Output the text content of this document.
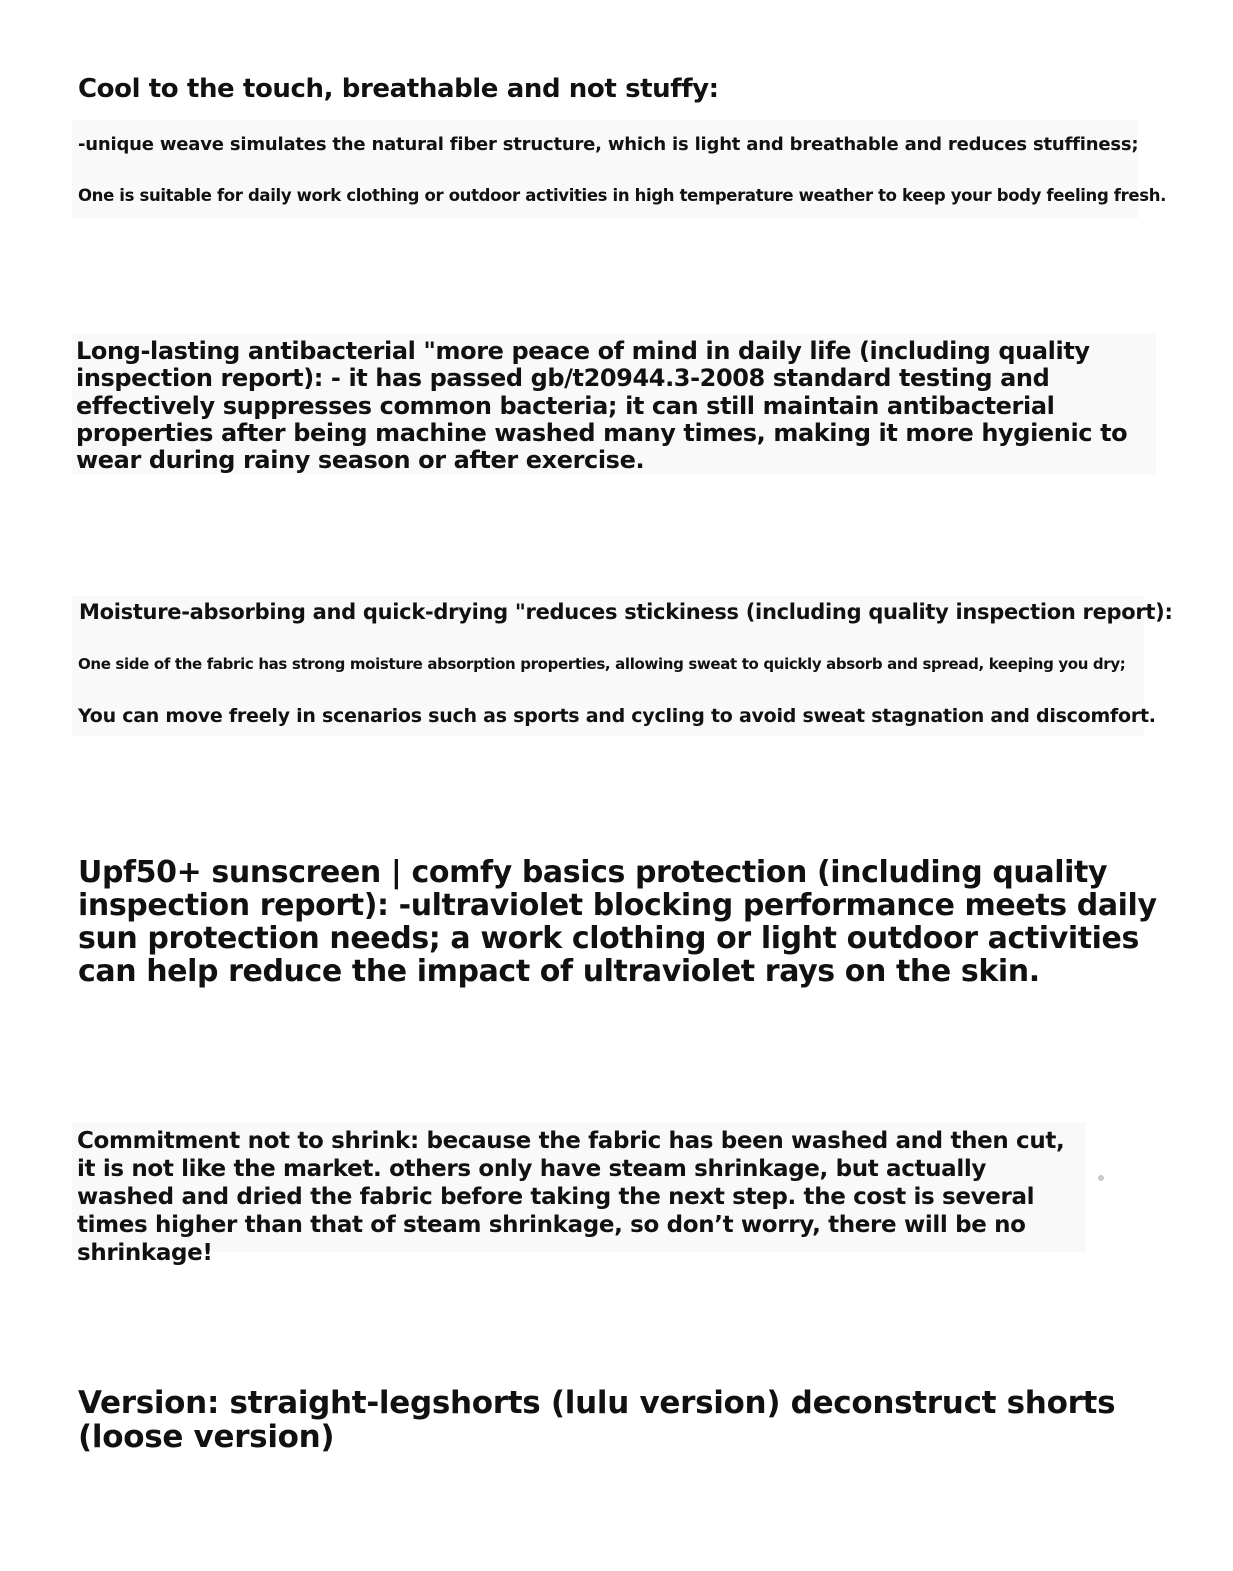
Cool to the touch, breathable and not stuffy:

-unique weave simulates the natural fiber structure, which is light and breathable and reduces stuffiness;

One is suitable for daily work clothing or outdoor activities in high temperature weather to keep your body feeling fresh.

Long-lasting antibacterial "more peace of mind in daily life (including quality inspection report): - it has passed gb/t20944.3-2008 standard testing and effectively suppresses common bacteria; it can still maintain antibacterial properties after being machine washed many times, making it more hygienic to wear during rainy season or after exercise.

Moisture-absorbing and quick-drying "reduces stickiness (including quality inspection report):

One side of the fabric has strong moisture absorption properties, allowing sweat to quickly absorb and spread, keeping you dry;

You can move freely in scenarios such as sports and cycling to avoid sweat stagnation and discomfort.

Upf50+ sunscreen | comfy basics protection (including quality inspection report): -ultraviolet blocking performance meets daily sun protection needs; a work clothing or light outdoor activities can help reduce the impact of ultraviolet rays on the skin.

Commitment not to shrink: because the fabric has been washed and then cut, it is not like the market. others only have steam shrinkage, but actually washed and dried the fabric before taking the next step. the cost is several times higher than that of steam shrinkage, so don’t worry, there will be no shrinkage!

Version: straight-legshorts (lulu version) deconstruct shorts (loose version)
